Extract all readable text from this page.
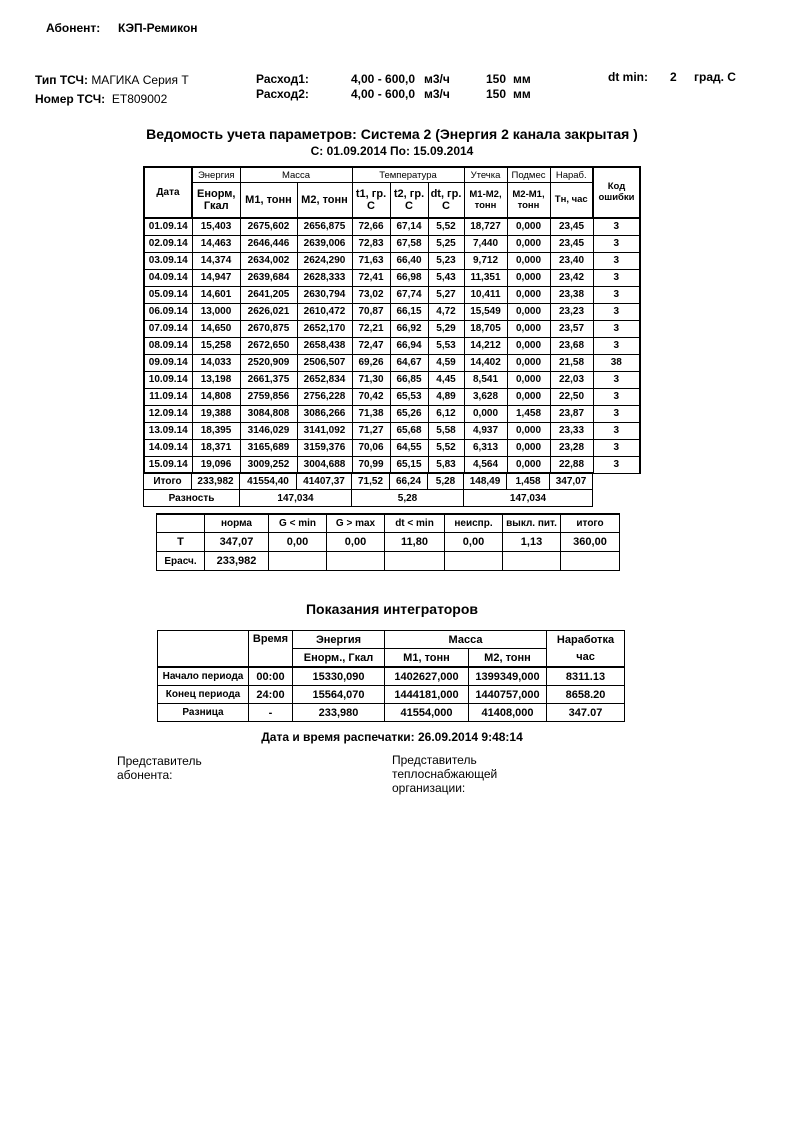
Абонент: КЭП-Ремикон
Тип ТСЧ: МАГИКА Серия Т
Номер ТСЧ: ET809002
Расход1:	4,00 - 600,0 м3/ч	150 мм
Расход2:	4,00 - 600,0 м3/ч	150 мм
dt min: 2 град. С
Ведомость учета параметров: Система 2 (Энергия 2 канала закрытая )
С: 01.09.2014 По: 15.09.2014
Дата	Энергия	Масса		Температура			Утечка	Подмес	Нараб.	Код ошибки
	Енорм, Гкал	М1, тонн	М2, тонн	t1, гр. С	t2, гр. С	dt, гр. С	М1-М2, тонн	М2-М1, тонн	Тн, час	
01.09.14	15,403	2675,602	2656,875	72,66	67,14	5,52	18,727	0,000	23,45	3
02.09.14	14,463	2646,446	2639,006	72,83	67,58	5,25	7,440	0,000	23,45	3
03.09.14	14,374	2634,002	2624,290	71,63	66,40	5,23	9,712	0,000	23,40	3
04.09.14	14,947	2639,684	2628,333	72,41	66,98	5,43	11,351	0,000	23,42	3
05.09.14	14,601	2641,205	2630,794	73,02	67,74	5,27	10,411	0,000	23,38	3
06.09.14	13,000	2626,021	2610,472	70,87	66,15	4,72	15,549	0,000	23,23	3
07.09.14	14,650	2670,875	2652,170	72,21	66,92	5,29	18,705	0,000	23,57	3
08.09.14	15,258	2672,650	2658,438	72,47	66,94	5,53	14,212	0,000	23,68	3
09.09.14	14,033	2520,909	2506,507	69,26	64,67	4,59	14,402	0,000	21,58	38
10.09.14	13,198	2661,375	2652,834	71,30	66,85	4,45	8,541	0,000	22,03	3
11.09.14	14,808	2759,856	2756,228	70,42	65,53	4,89	3,628	0,000	22,50	3
12.09.14	19,388	3084,808	3086,266	71,38	65,26	6,12	0,000	1,458	23,87	3
13.09.14	18,395	3146,029	3141,092	71,27	65,68	5,58	4,937	0,000	23,33	3
14.09.14	18,371	3165,689	3159,376	70,06	64,55	5,52	6,313	0,000	23,28	3
15.09.14	19,096	3009,252	3004,688	70,99	65,15	5,83	4,564	0,000	22,88	3
Итого	233,982	41554,40	41407,37	71,52	66,24	5,28	148,49	1,458	347,07
Разность		147,034		5,28			147,034		
	норма	G < min	G > max	dt < min	неиспр.	выкл. пит.	итого
Т	347,07	0,00	0,00	11,80	0,00	1,13	360,00
Ерасч.	233,982						
Показания интеграторов
	Время	Энергия	Масса		Наработка
		Енорм., Гкал	М1, тонн	М2, тонн	час
Начало периода	00:00	15330,090	1402627,000	1399349,000	8311.13
Конец периода	24:00	15564,070	1444181,000	1440757,000	8658.20
Разница	-	233,980	41554,000	41408,000	347.07
Дата и время распечатки: 26.09.2014 9:48:14
Представитель
абонента:
Представитель
теплоснабжающей
организации:
